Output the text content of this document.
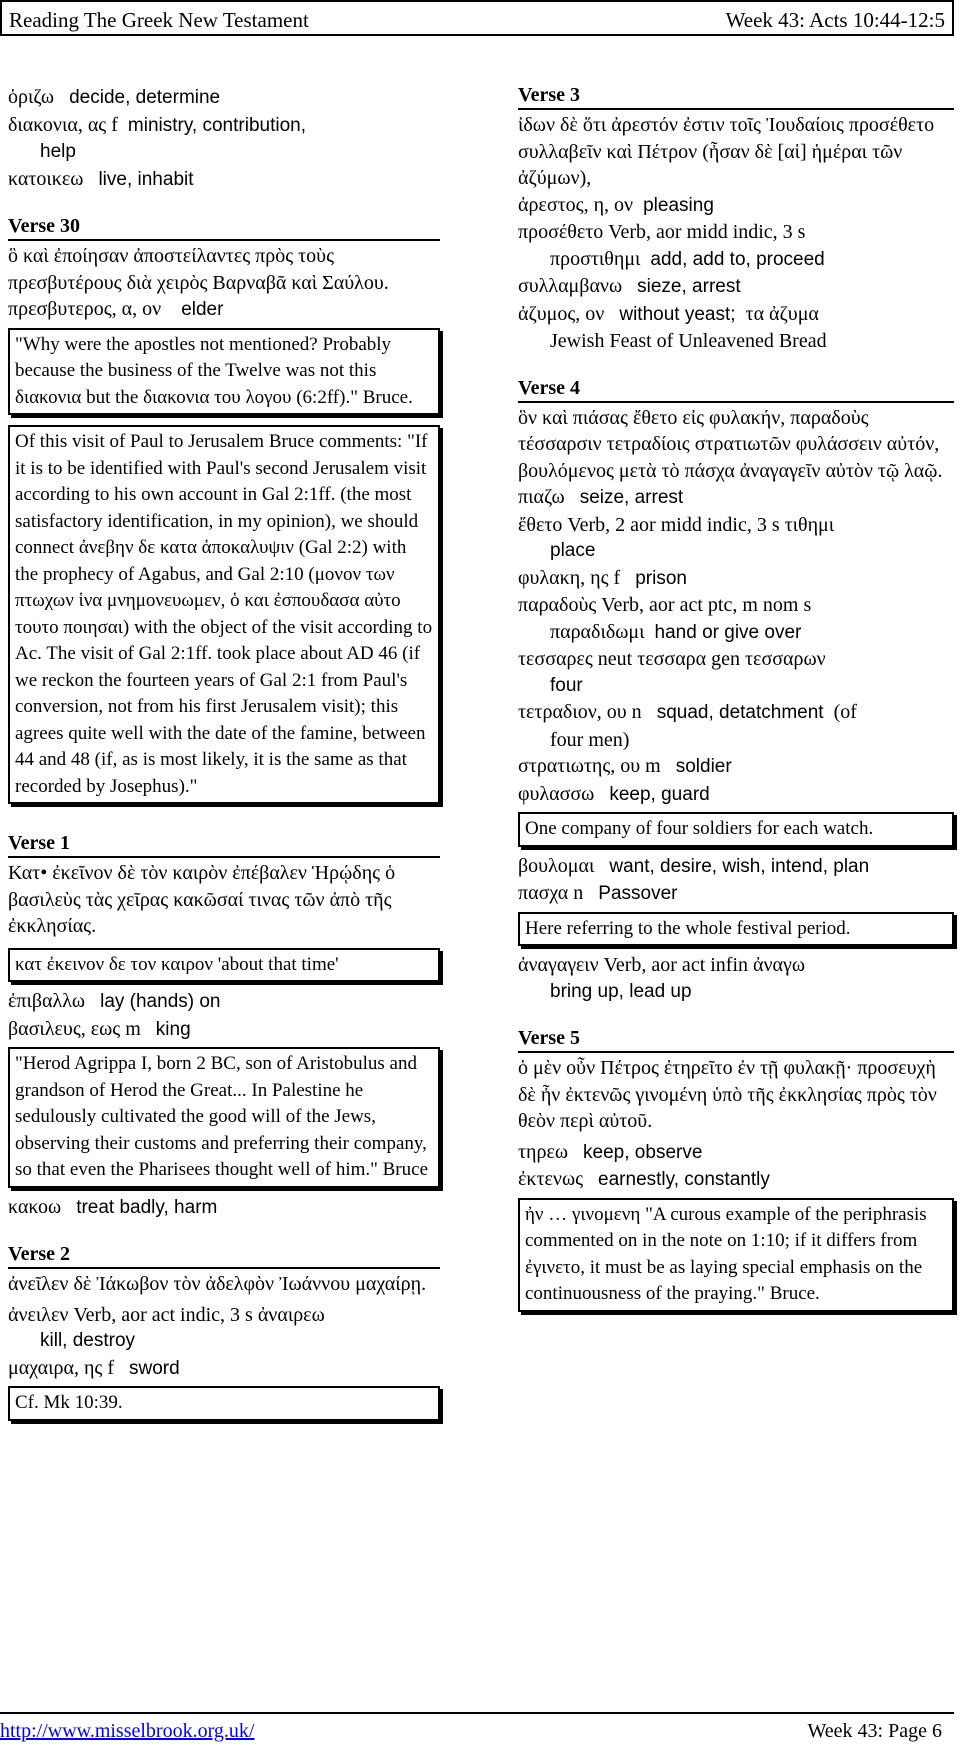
Reading The Greek New Testament	Week 43: Acts 10:44-12:5
ὁριζω decide, determine
διακονια, ας f ministry, contribution,
help
κατοικεω live, inhabit
Verse 30
ὃ καὶ ἐποίησαν ἀποστείλαντες πρὸς τοὺς πρεσβυτέρους διὰ χειρὸς Βαρναβᾶ καὶ Σαύλου.
πρεσβυτερος, α, ον elder
"Why were the apostles not mentioned? Probably because the business of the Twelve was not this διακονια but the διακονια του λογου (6:2ff)." Bruce.
Of this visit of Paul to Jerusalem Bruce comments: "If it is to be identified with Paul's second Jerusalem visit according to his own account in Gal 2:1ff. (the most satisfactory identification, in my opinion), we should connect ἀνεβην δε κατα ἀποκαλυψιν (Gal 2:2) with the prophecy of Agabus, and Gal 2:10 (μονον των πτωχων ἱνα μνημονευωμεν, ὁ και ἐσπουδασα αὐτο τουτο ποιησαι) with the object of the visit according to Ac. The visit of Gal 2:1ff. took place about AD 46 (if we reckon the fourteen years of Gal 2:1 from Paul's conversion, not from his first Jerusalem visit); this agrees quite well with the date of the famine, between 44 and 48 (if, as is most likely, it is the same as that recorded by Josephus)."
Verse 1
Κατ• ἐκεῖνον δὲ τὸν καιρὸν ἐπέβαλεν Ἡρῴδης ὁ βασιλεὺς τὰς χεῖρας κακῶσαί τινας τῶν ἀπὸ τῆς ἐκκλησίας.
κατ ἐκεινον δε τον καιρον 'about that time'
ἐπιβαλλω lay (hands) on
βασιλευς, εως m king
"Herod Agrippa I, born 2 BC, son of Aristobulus and grandson of Herod the Great... In Palestine he sedulously cultivated the good will of the Jews, observing their customs and preferring their company, so that even the Pharisees thought well of him." Bruce
κακοω treat badly, harm
Verse 2
ἀνεῖλεν δὲ Ἰάκωβον τὸν ἀδελφὸν Ἰωάννου μαχαίρῃ.
ἀνειλεν Verb, aor act indic, 3 s ἀναιρεω
kill, destroy
μαχαιρα, ης f sword
Cf. Mk 10:39.
Verse 3
ἰδων δὲ ὅτι ἀρεστόν ἐστιν τοῖς Ἰουδαίοις προσέθετο συλλαβεῖν καὶ Πέτρον (ἦσαν δὲ [αἱ] ἡμέραι τῶν ἀζύμων),
ἀρεστος, η, ον pleasing
προσέθετο Verb, aor midd indic, 3 s
προστιθημι add, add to, proceed
συλλαμβανω sieze, arrest
ἀζυμος, ον without yeast; τα ἀζυμα
Jewish Feast of Unleavened Bread
Verse 4
ὃν καὶ πιάσας ἔθετο εἰς φυλακήν, παραδοὺς τέσσαρσιν τετραδίοις στρατιωτῶν φυλάσσειν αὐτόν, βουλόμενος μετὰ τὸ πάσχα ἀναγαγεῖν αὐτὸν τῷ λαῷ.
πιαζω seize, arrest
ἔθετο Verb, 2 aor midd indic, 3 s τιθημι
place
φυλακη, ης f prison
παραδοὺς Verb, aor act ptc, m nom s
παραδιδωμι hand or give over
τεσσαρες neut τεσσαρα gen τεσσαρων
four
τετραδιον, ου n squad, detatchment (of
four men)
στρατιωτης, ου m soldier
φυλασσω keep, guard
One company of four soldiers for each watch.
βουλομαι want, desire, wish, intend, plan
πασχα n Passover
Here referring to the whole festival period.
ἀναγαγειν Verb, aor act infin ἀναγω
bring up, lead up
Verse 5
ὁ μὲν οὖν Πέτρος ἐτηρεῖτο ἐν τῇ φυλακῇ· προσευχὴ δὲ ἦν ἐκτενῶς γινομένη ὑπὸ τῆς ἐκκλησίας πρὸς τὸν θεὸν περὶ αὐτοῦ.
τηρεω keep, observe
ἐκτενως earnestly, constantly
ἠν … γινομενη "A curous example of the periphrasis commented on in the note on 1:10; if it differs from ἐγινετο, it must be as laying special emphasis on the continuousness of the praying." Bruce.
http://www.misselbrook.org.uk/	Week 43: Page 6
